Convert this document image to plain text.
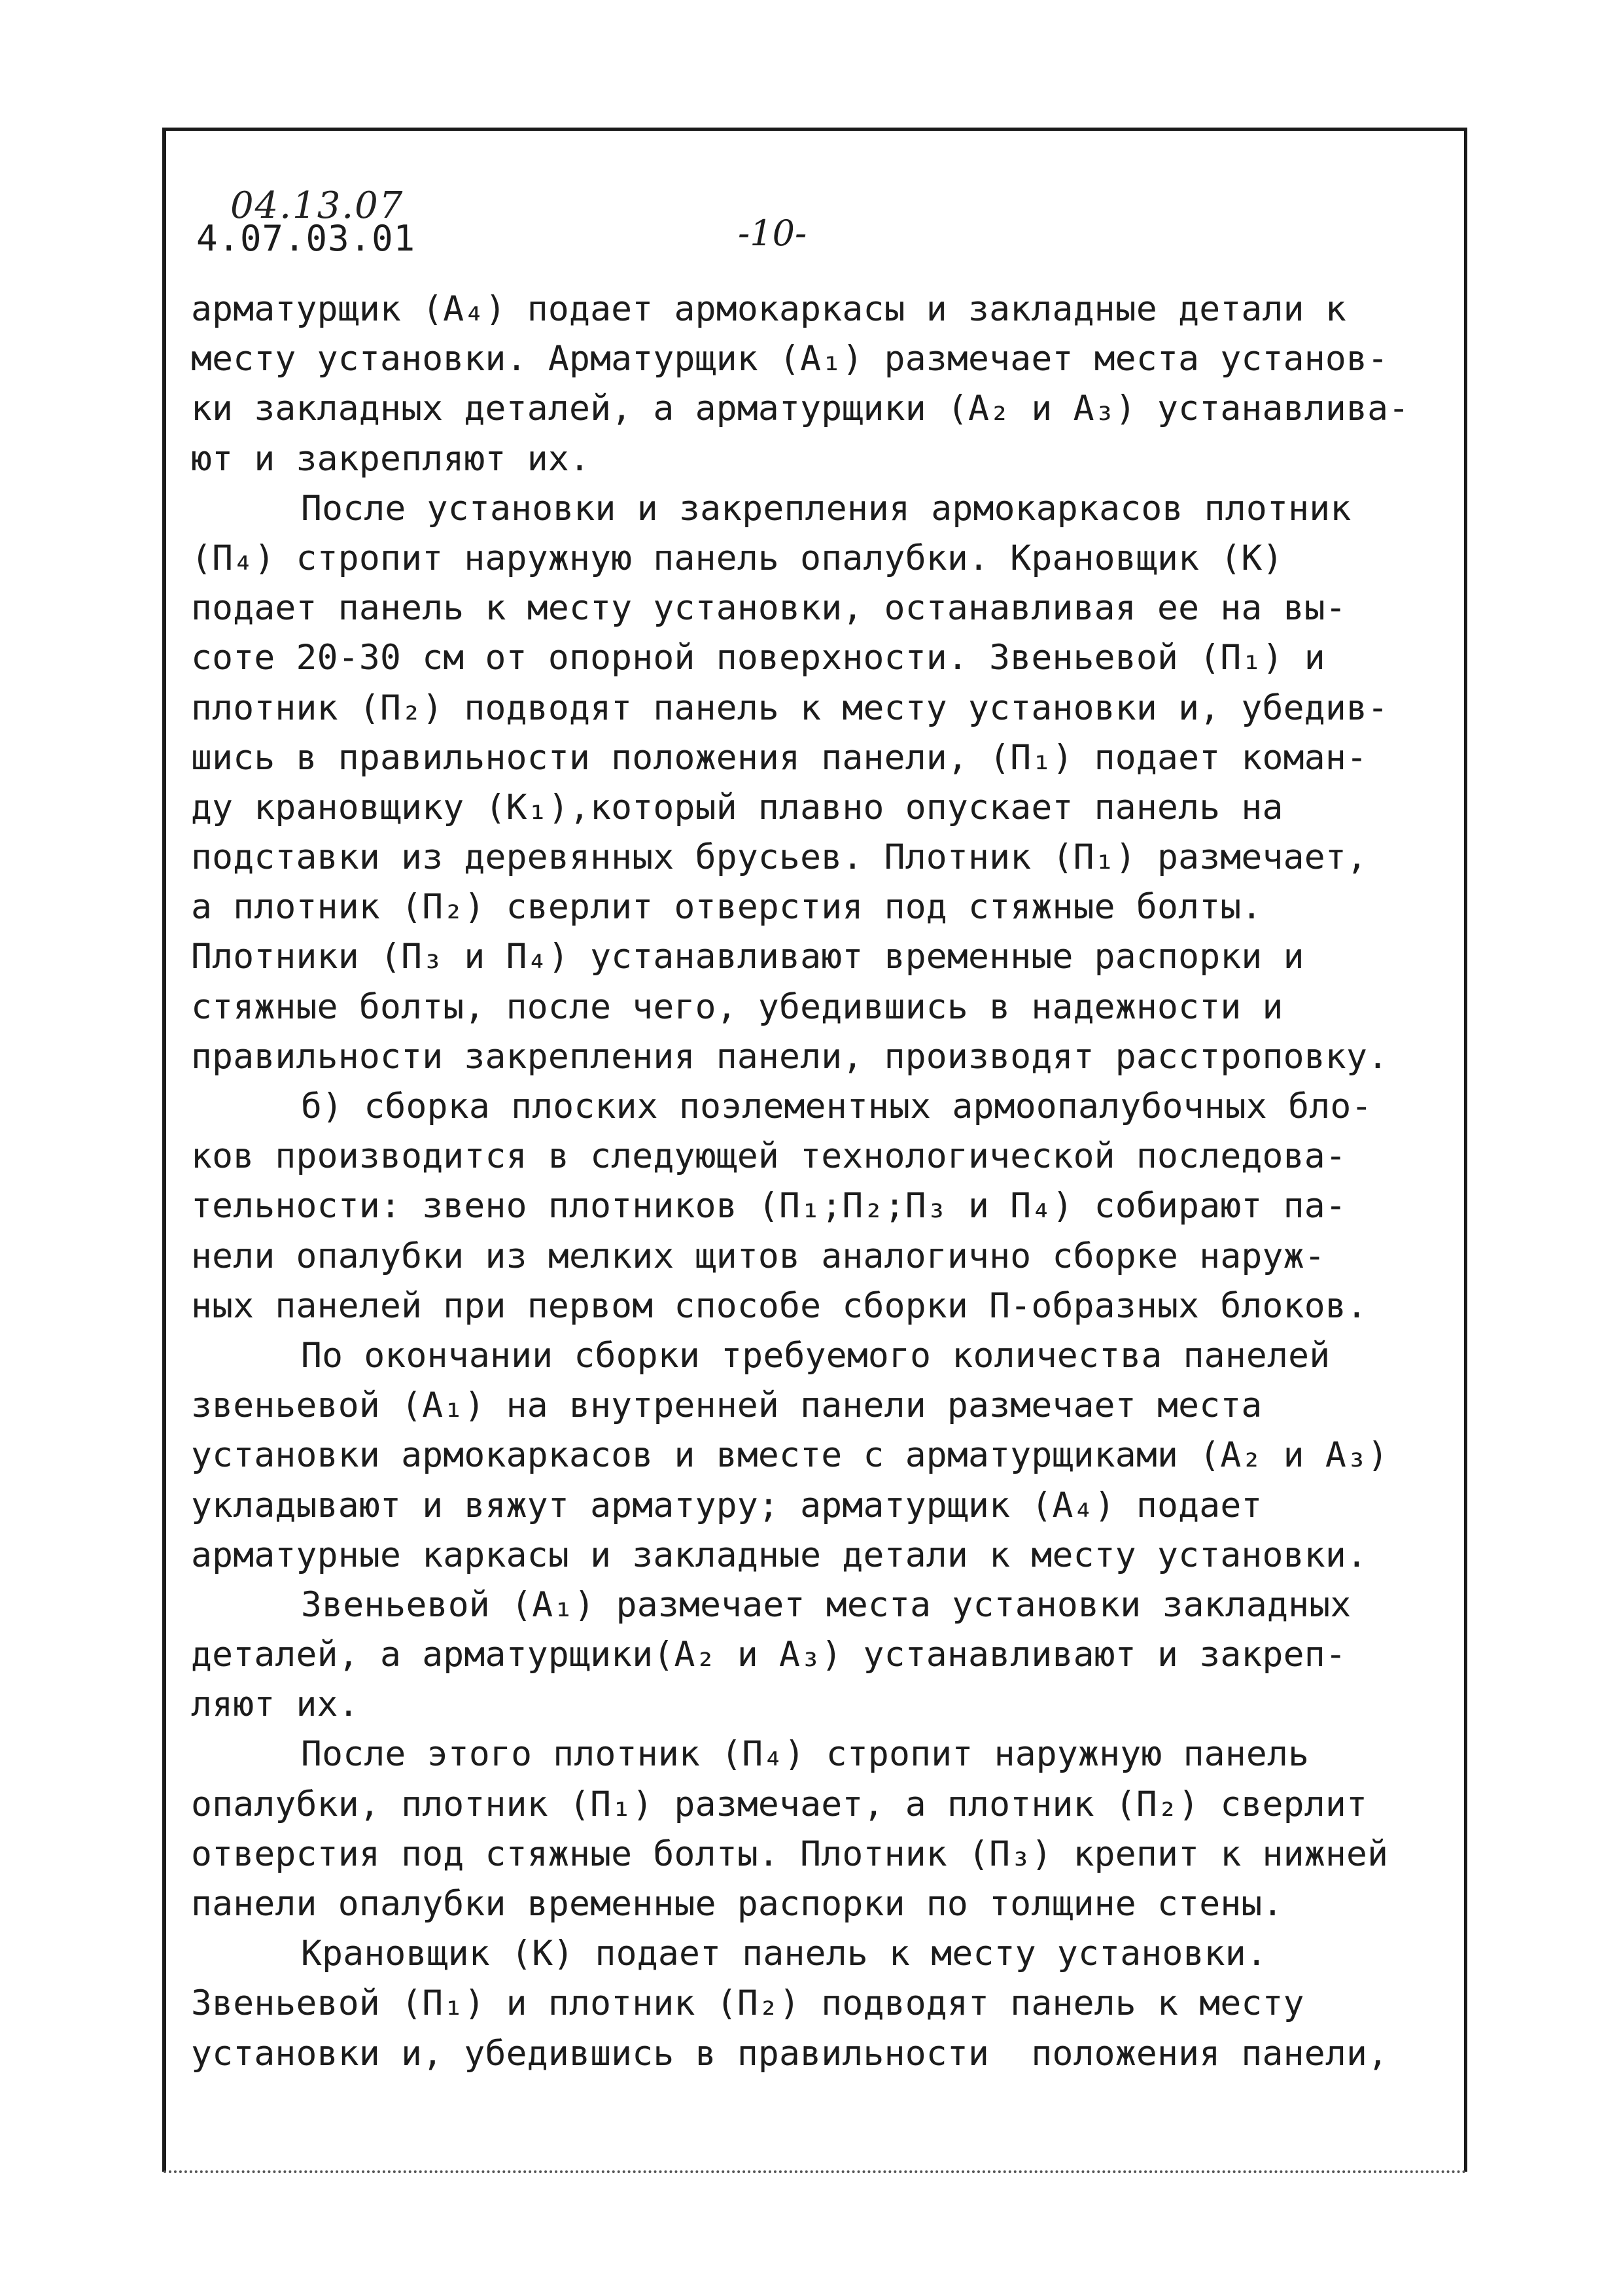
04.13.07
4.07.03.01	-10-
арматурщик (А₄) подает армокаркасы и закладные детали к
месту установки. Арматурщик (А₁) размечает места установ-
ки закладных деталей, а арматурщики (А₂ и А₃) устанавлива-
ют и закрепляют их.
После установки и закрепления армокаркасов плотник
(П₄) стропит наружную панель опалубки. Крановщик (К)
подает панель к месту установки, останавливая ее на вы-
соте 20-30 см от опорной поверхности. Звеньевой (П₁) и
плотник (П₂) подводят панель к месту установки и, убедив-
шись в правильности положения панели, (П₁) подает коман-
ду крановщику (К₁),который плавно опускает панель на
подставки из деревянных брусьев. Плотник (П₁) размечает,
а плотник (П₂) сверлит отверстия под стяжные болты.
Плотники (П₃ и П₄) устанавливают временные распорки и
стяжные болты, после чего, убедившись в надежности и
правильности закрепления панели, производят расстроповку.
б) сборка плоских поэлементных армоопалубочных бло-
ков производится в следующей технологической последова-
тельности: звено плотников (П₁;П₂;П₃ и П₄) собирают па-
нели опалубки из мелких щитов аналогично сборке наруж-
ных панелей при первом способе сборки П-образных блоков.
По окончании сборки требуемого количества панелей
звеньевой (А₁) на внутренней панели размечает места
установки армокаркасов и вместе с арматурщиками (А₂ и А₃)
укладывают и вяжут арматуру; арматурщик (А₄) подает
арматурные каркасы и закладные детали к месту установки.
Звеньевой (А₁) размечает места установки закладных
деталей, а арматурщики(А₂ и А₃) устанавливают и закреп-
ляют их.
После этого плотник (П₄) стропит наружную панель
опалубки, плотник (П₁) размечает, а плотник (П₂) сверлит
отверстия под стяжные болты. Плотник (П₃) крепит к нижней
панели опалубки временные распорки по толщине стены.
Крановщик (К) подает панель к месту установки.
Звеньевой (П₁) и плотник (П₂) подводят панель к месту
установки и, убедившись в правильности  положения панели,
